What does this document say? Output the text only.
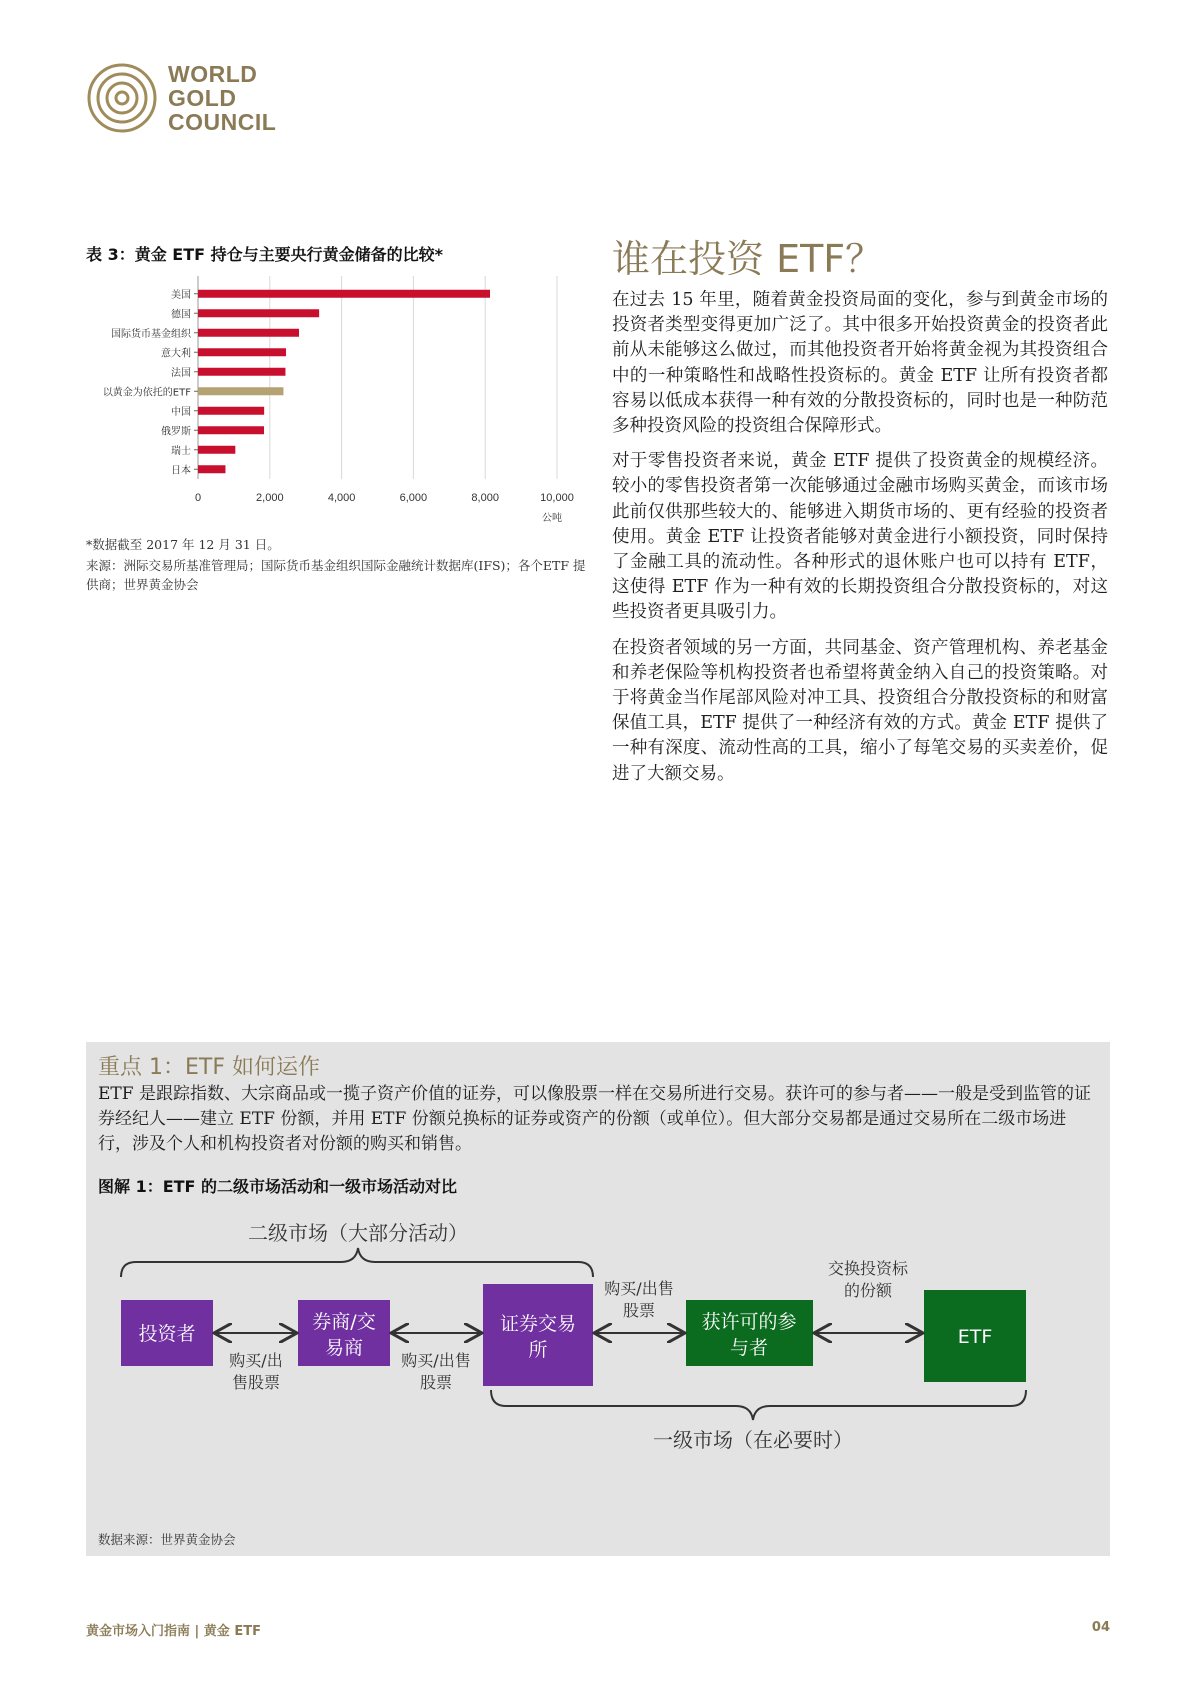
WORLD
GOLD
COUNCIL
表 3：黄金 ETF 持仓与主要央行黄金储备的比较*
0	2,000	4,000	6,000	8,000	10,000
美国
德国
国际货币基金组织
意大利
法国
以黄金为依托的ETF
中国
俄罗斯
瑞士
日本
公吨
*数据截至 2017 年 12 月 31 日。
来源：洲际交易所基准管理局；国际货币基金组织国际金融统计数据库(IFS)；各个ETF 提供商；世界黄金协会
谁在投资 ETF？

在过去 15 年里，随着黄金投资局面的变化，参与到黄金市场的投资者类型变得更加广泛了。其中很多开始投资黄金的投资者此前从未能够这么做过，而其他投资者开始将黄金视为其投资组合中的一种策略性和战略性投资标的。黄金 ETF 让所有投资者都容易以低成本获得一种有效的分散投资标的，同时也是一种防范多种投资风险的投资组合保障形式。

对于零售投资者来说，黄金 ETF 提供了投资黄金的规模经济。较小的零售投资者第一次能够通过金融市场购买黄金，而该市场此前仅供那些较大的、能够进入期货市场的、更有经验的投资者使用。黄金 ETF 让投资者能够对黄金进行小额投资，同时保持了金融工具的流动性。各种形式的退休账户也可以持有 ETF，这使得 ETF 作为一种有效的长期投资组合分散投资标的，对这些投资者更具吸引力。

在投资者领域的另一方面，共同基金、资产管理机构、养老基金和养老保险等机构投资者也希望将黄金纳入自己的投资策略。对于将黄金当作尾部风险对冲工具、投资组合分散投资标的和财富保值工具，ETF 提供了一种经济有效的方式。黄金 ETF 提供了一种有深度、流动性高的工具，缩小了每笔交易的买卖差价，促进了大额交易。

重点 1：ETF 如何运作
ETF 是跟踪指数、大宗商品或一揽子资产价值的证券，可以像股票一样在交易所进行交易。获许可的参与者——一般是受到监管的证券经纪人——建立 ETF 份额，并用 ETF 份额兑换标的证券或资产的份额（或单位）。但大部分交易都是通过交易所在二级市场进行，涉及个人和机构投资者对份额的购买和销售。
图解 1：ETF 的二级市场活动和一级市场活动对比
二级市场（大部分活动）
投资者
券商/交
易商
证券交易
所
获许可的参
与者	ETF
购买/出
售股票
购买/出售
股票
购买/出售
股票
交换投资标
的份额
一级市场（在必要时）
数据来源：世界黄金协会
黄金市场入门指南 | 黄金 ETF	04
